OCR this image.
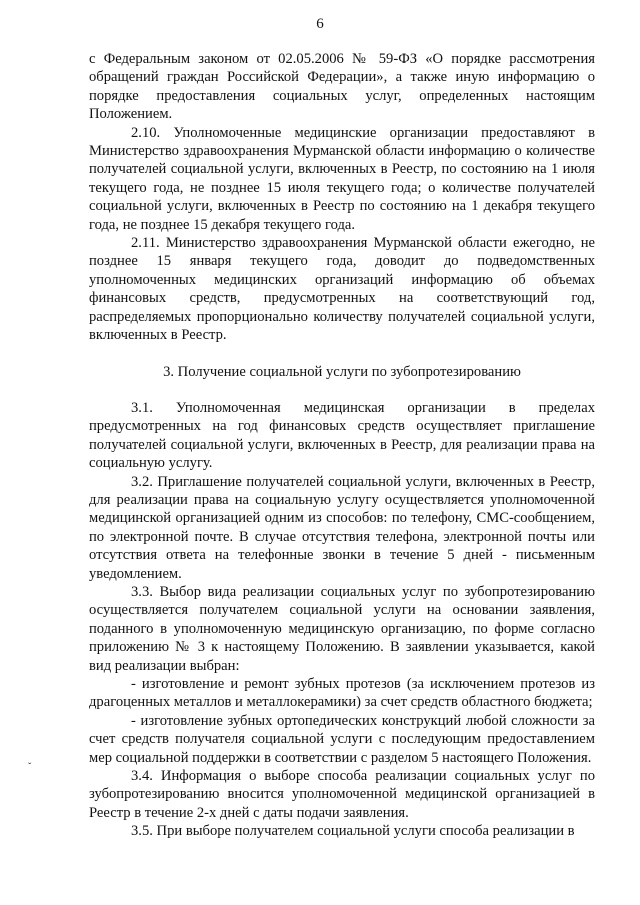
6

с Федеральным законом от 02.05.2006 № 59-ФЗ «О порядке рассмотрения обращений граждан Российской Федерации», а также иную информацию о порядке предоставления социальных услуг, определенных настоящим Положением.

2.10. Уполномоченные медицинские организации предоставляют в Министерство здравоохранения Мурманской области информацию о количестве получателей социальной услуги, включенных в Реестр, по состоянию на 1 июля текущего года, не позднее 15 июля текущего года; о количестве получателей социальной услуги, включенных в Реестр по состоянию на 1 декабря текущего года, не позднее 15 декабря текущего года.

2.11. Министерство здравоохранения Мурманской области ежегодно, не позднее 15 января текущего года, доводит до подведомственных уполномоченных медицинских организаций информацию об объемах финансовых средств, предусмотренных на соответствующий год, распределяемых пропорционально количеству получателей социальной услуги, включенных в Реестр.

3. Получение социальной услуги по зубопротезированию

3.1. Уполномоченная медицинская организации в пределах предусмотренных на год финансовых средств осуществляет приглашение получателей социальной услуги, включенных в Реестр, для реализации права на социальную услугу.

3.2. Приглашение получателей социальной услуги, включенных в Реестр, для реализации права на социальную услугу осуществляется уполномоченной медицинской организацией одним из способов: по телефону, СМС-сообщением, по электронной почте. В случае отсутствия телефона, электронной почты или отсутствия ответа на телефонные звонки в течение 5 дней - письменным уведомлением.

3.3. Выбор вида реализации социальных услуг по зубопротезированию осуществляется получателем социальной услуги на основании заявления, поданного в уполномоченную медицинскую организацию, по форме согласно приложению № 3 к настоящему Положению. В заявлении указывается, какой вид реализации выбран:

- изготовление и ремонт зубных протезов (за исключением протезов из драгоценных металлов и металлокерамики) за счет средств областного бюджета;

- изготовление зубных ортопедических конструкций любой сложности за счет средств получателя социальной услуги с последующим предоставлением мер социальной поддержки в соответствии с разделом 5 настоящего Положения.

3.4. Информация о выборе способа реализации социальных услуг по зубопротезированию вносится уполномоченной медицинской организацией в Реестр в течение 2-х дней с даты подачи заявления.

3.5. При выборе получателем социальной услуги способа реализации в

ˇ
